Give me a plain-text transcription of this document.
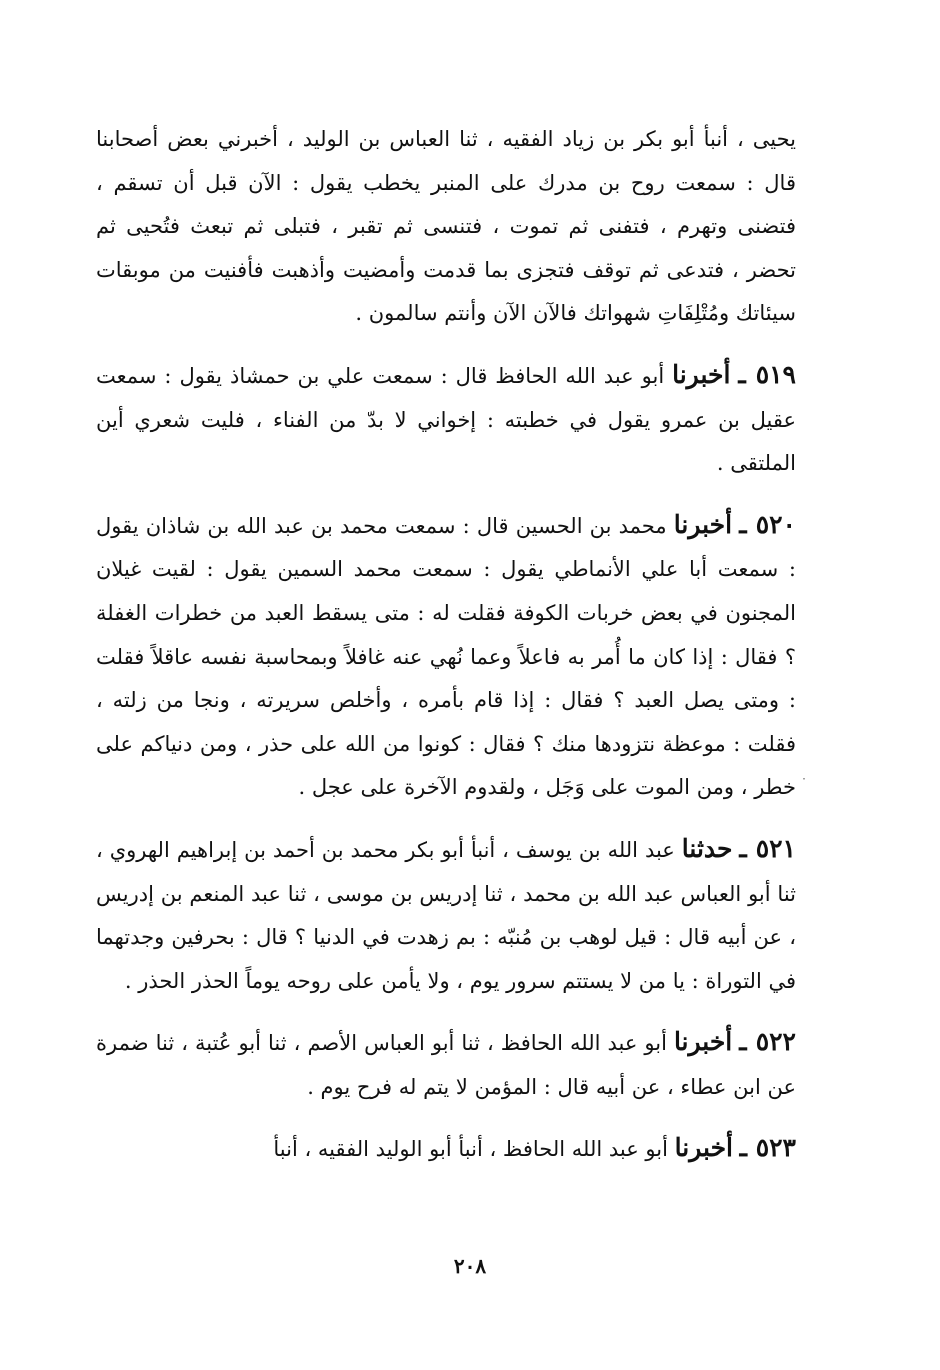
يحيى ، أنبأ أبو بكر بن زياد الفقيه ، ثنا العباس بن الوليد ، أخبرني بعض أصحابنا قال : سمعت روح بن مدرك على المنبر يخطب يقول : الآن قبل أن تسقم ، فتضنى وتهرم ، فتفنى ثم تموت ، فتنسى ثم تقبر ، فتبلى ثم تبعث فتُحيى ثم تحضر ، فتدعى ثم توقف فتجزى بما قدمت وأمضيت وأذهبت فأفنيت من موبقات سيئاتك ومُتْلِفَاتِ شهواتك فالآن الآن وأنتم سالمون .

٥١٩ ـ أخبرنا أبو عبد الله الحافظ قال : سمعت علي بن حمشاذ يقول : سمعت عقيل بن عمرو يقول في خطبته : إخواني لا بدّ من الفناء ، فليت شعري أين الملتقى .

٥٢٠ ـ أخبرنا محمد بن الحسين قال : سمعت محمد بن عبد الله بن شاذان يقول : سمعت أبا علي الأنماطي يقول : سمعت محمد السمين يقول : لقيت غيلان المجنون في بعض خربات الكوفة فقلت له : متى يسقط العبد من خطرات الغفلة ؟ فقال : إذا كان ما أُمر به فاعلاً وعما نُهي عنه غافلاً وبمحاسبة نفسه عاقلاً فقلت : ومتى يصل العبد ؟ فقال : إذا قام بأمره ، وأخلص سريرته ، ونجا من زلته ، فقلت : موعظة نتزودها منك ؟ فقال : كونوا من الله على حذر ، ومن دنياكم على خطر ، ومن الموت على وَجَل ، ولقدوم الآخرة على عجل .

٥٢١ ـ حدثنا عبد الله بن يوسف ، أنبأ أبو بكر محمد بن أحمد بن إبراهيم الهروي ، ثنا أبو العباس عبد الله بن محمد ، ثنا إدريس بن موسى ، ثنا عبد المنعم بن إدريس ، عن أبيه قال : قيل لوهب بن مُنبّه : بم زهدت في الدنيا ؟ قال : بحرفين وجدتهما في التوراة : يا من لا يستتم سرور يوم ، ولا يأمن على روحه يوماً الحذر الحذر .

٥٢٢ ـ أخبرنا أبو عبد الله الحافظ ، ثنا أبو العباس الأصم ، ثنا أبو عُتبة ، ثنا ضمرة عن ابن عطاء ، عن أبيه قال : المؤمن لا يتم له فرح يوم .

٥٢٣ ـ أخبرنا أبو عبد الله الحافظ ، أنبأ أبو الوليد الفقيه ، أنبأ

٢٠٨
